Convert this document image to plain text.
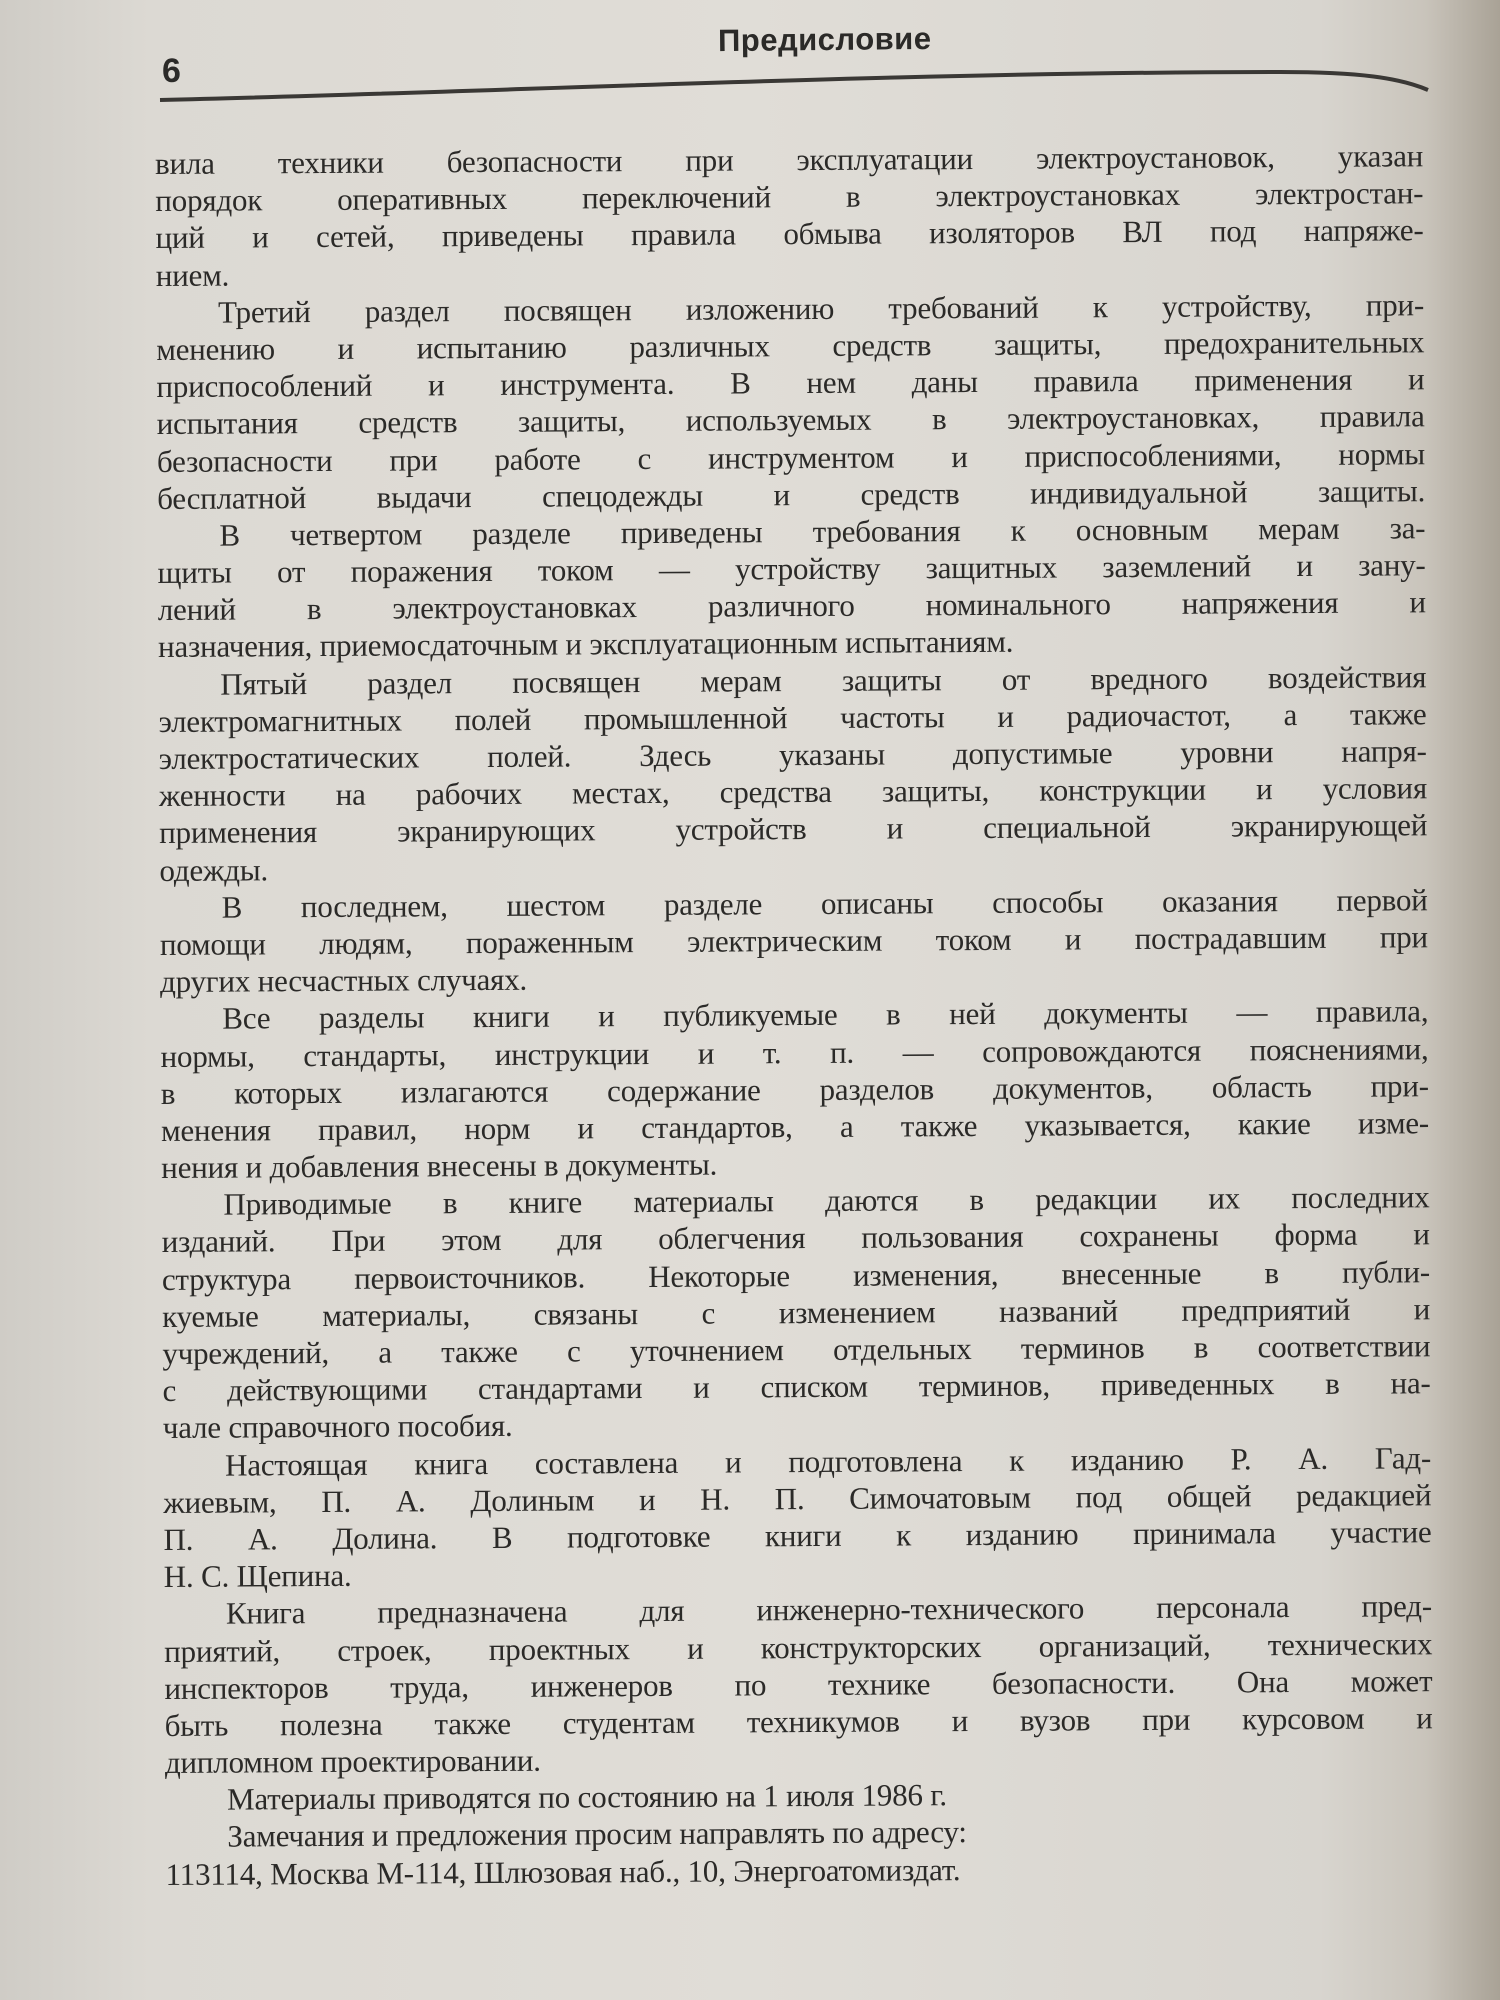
6
Предисловие
вила техники безопасности при эксплуатации электроустановок, указан
порядок оперативных переключений в электроустановках электростан-
ций и сетей, приведены правила обмыва изоляторов ВЛ под напряже-
нием.
Третий раздел посвящен изложению требований к устройству, при-
менению и испытанию различных средств защиты, предохранительных
приспособлений и инструмента. В нем даны правила применения и
испытания средств защиты, используемых в электроустановках, правила
безопасности при работе с инструментом и приспособлениями, нормы
бесплатной выдачи спецодежды и средств индивидуальной защиты.
В четвертом разделе приведены требования к основным мерам за-
щиты от поражения током — устройству защитных заземлений и зану-
лений в электроустановках различного номинального напряжения и
назначения, приемосдаточным и эксплуатационным испытаниям.
Пятый раздел посвящен мерам защиты от вредного воздействия
электромагнитных полей промышленной частоты и радиочастот, а также
электростатических полей. Здесь указаны допустимые уровни напря-
женности на рабочих местах, средства защиты, конструкции и условия
применения экранирующих устройств и специальной экранирующей
одежды.
В последнем, шестом разделе описаны способы оказания первой
помощи людям, пораженным электрическим током и пострадавшим при
других несчастных случаях.
Все разделы книги и публикуемые в ней документы — правила,
нормы, стандарты, инструкции и т. п. — сопровождаются пояснениями,
в которых излагаются содержание разделов документов, область при-
менения правил, норм и стандартов, а также указывается, какие изме-
нения и добавления внесены в документы.
Приводимые в книге материалы даются в редакции их последних
изданий. При этом для облегчения пользования сохранены форма и
структура первоисточников. Некоторые изменения, внесенные в публи-
куемые материалы, связаны с изменением названий предприятий и
учреждений, а также с уточнением отдельных терминов в соответствии
с действующими стандартами и списком терминов, приведенных в на-
чале справочного пособия.
Настоящая книга составлена и подготовлена к изданию Р. А. Гад-
жиевым, П. А. Долиным и Н. П. Симочатовым под общей редакцией
П. А. Долина. В подготовке книги к изданию принимала участие
Н. С. Щепина.
Книга предназначена для инженерно-технического персонала пред-
приятий, строек, проектных и конструкторских организаций, технических
инспекторов труда, инженеров по технике безопасности. Она может
быть полезна также студентам техникумов и вузов при курсовом и
дипломном проектировании.
Материалы приводятся по состоянию на 1 июля 1986 г.
Замечания и предложения просим направлять по адресу:
113114, Москва М-114, Шлюзовая наб., 10, Энергоатомиздат.
